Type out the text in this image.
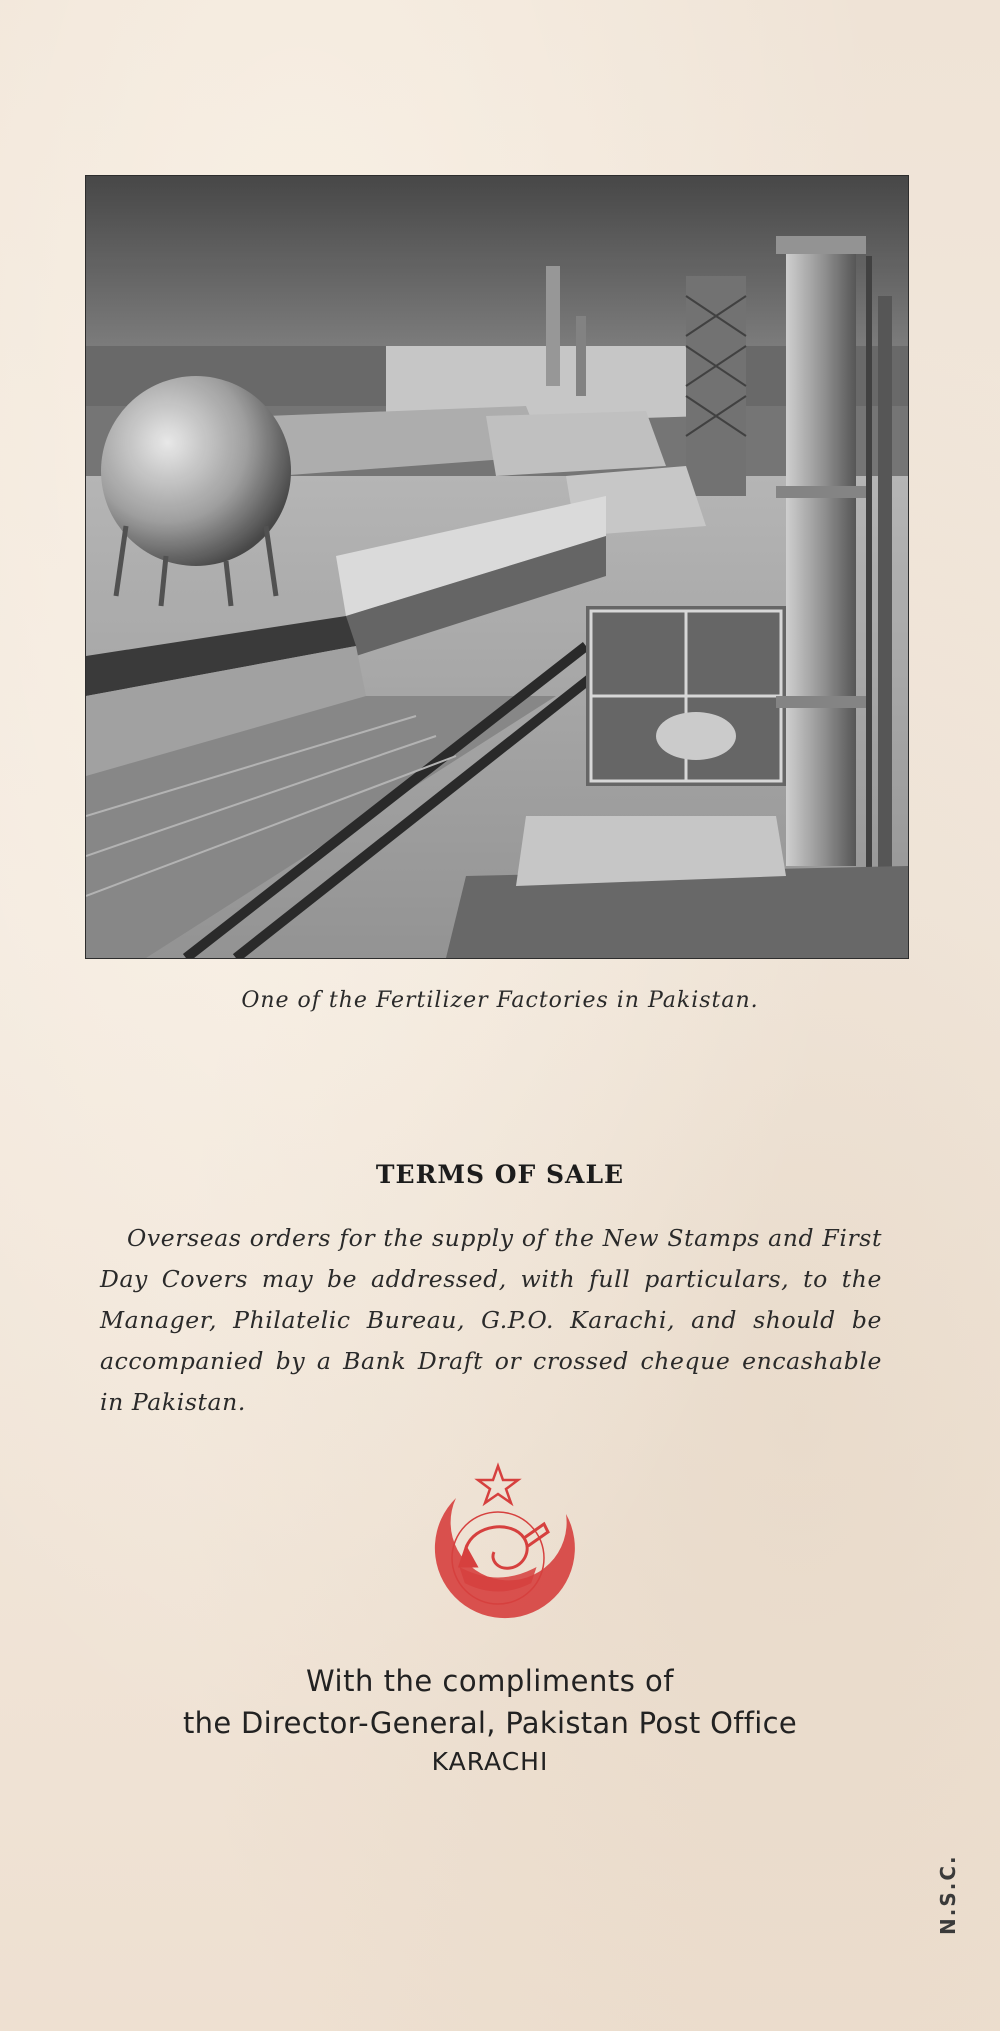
One of the Fertilizer Factories in Pakistan.
TERMS OF SALE
Overseas orders for the supply of the New Stamps and First Day Covers may be addressed, with full particulars, to the Manager, Philatelic Bureau, G.P.O. Karachi, and should be accompanied by a Bank Draft or crossed cheque encashable in Pakistan.
With the compliments of
the Director-General, Pakistan Post Office
KARACHI
N.S.C.
